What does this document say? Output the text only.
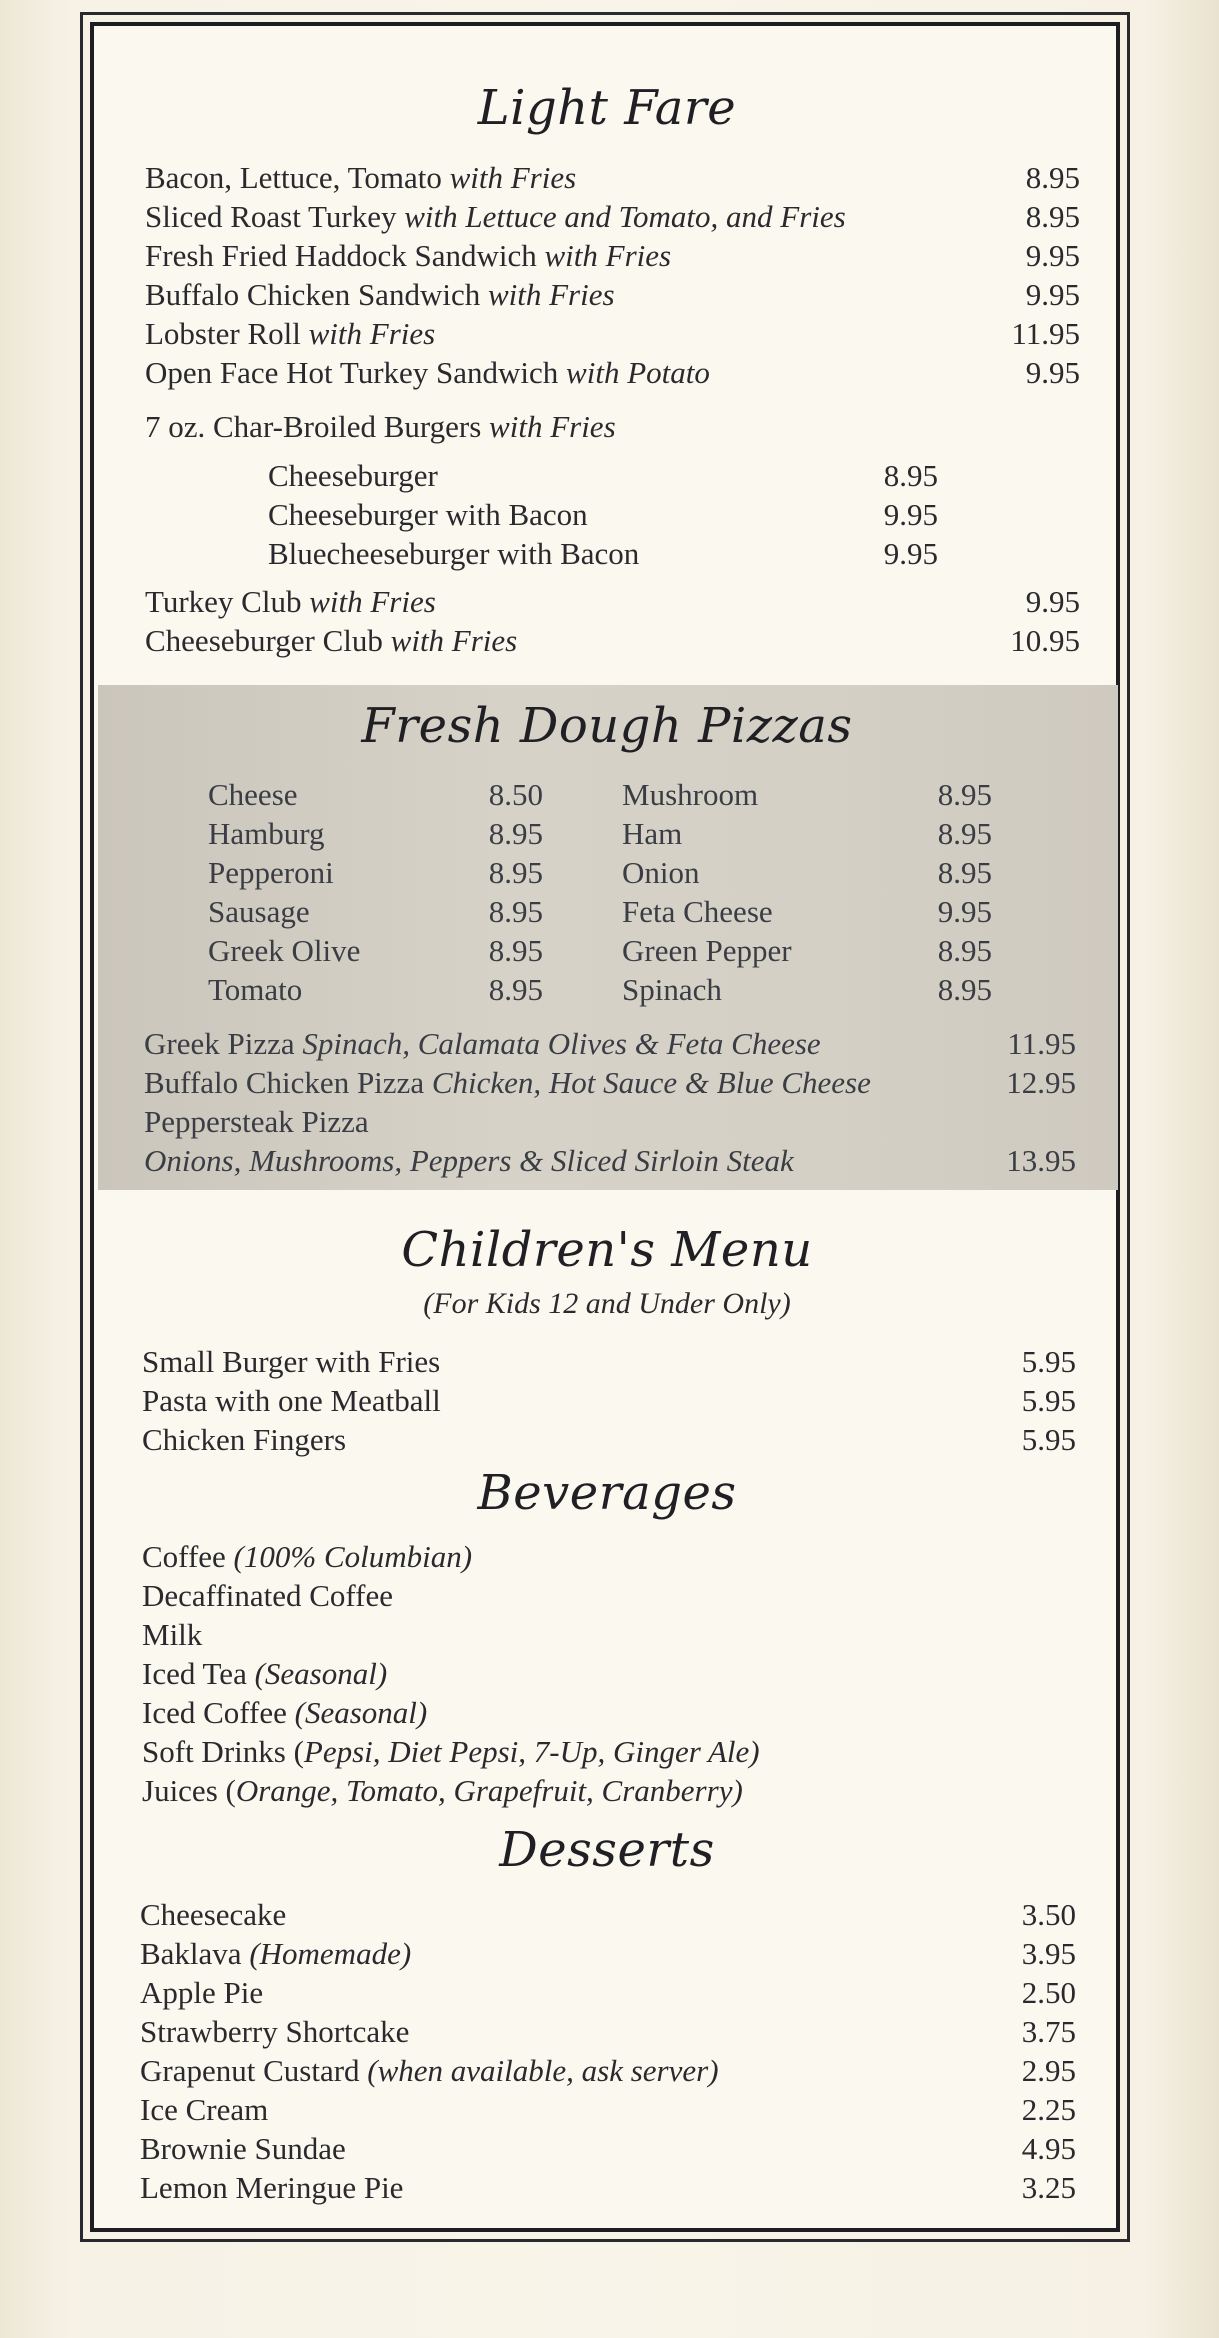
Light Fare
Bacon, Lettuce, Tomato with Fries	8.95
Sliced Roast Turkey with Lettuce and Tomato, and Fries	8.95
Fresh Fried Haddock Sandwich with Fries	9.95
Buffalo Chicken Sandwich with Fries	9.95
Lobster Roll with Fries	11.95
Open Face Hot Turkey Sandwich with Potato	9.95
7 oz. Char-Broiled Burgers with Fries
Cheeseburger	8.95
Cheeseburger with Bacon	9.95
Bluecheeseburger with Bacon	9.95
Turkey Club with Fries	9.95
Cheeseburger Club with Fries	10.95
Fresh Dough Pizzas
Cheese	8.50
Hamburg	8.95
Pepperoni	8.95
Sausage	8.95
Greek Olive	8.95
Tomato	8.95
Mushroom	8.95
Ham	8.95
Onion	8.95
Feta Cheese	9.95
Green Pepper	8.95
Spinach	8.95
Greek Pizza Spinach, Calamata Olives & Feta Cheese	11.95
Buffalo Chicken Pizza Chicken, Hot Sauce & Blue Cheese	12.95
Peppersteak Pizza
Onions, Mushrooms, Peppers & Sliced Sirloin Steak	13.95
Children's Menu
(For Kids 12 and Under Only)
Small Burger with Fries	5.95
Pasta with one Meatball	5.95
Chicken Fingers	5.95
Beverages
Coffee (100% Columbian)
Decaffinated Coffee
Milk
Iced Tea (Seasonal)
Iced Coffee (Seasonal)
Soft Drinks (Pepsi, Diet Pepsi, 7-Up, Ginger Ale)
Juices (Orange, Tomato, Grapefruit, Cranberry)
Desserts
Cheesecake	3.50
Baklava (Homemade)	3.95
Apple Pie	2.50
Strawberry Shortcake	3.75
Grapenut Custard (when available, ask server)	2.95
Ice Cream	2.25
Brownie Sundae	4.95
Lemon Meringue Pie	3.25
